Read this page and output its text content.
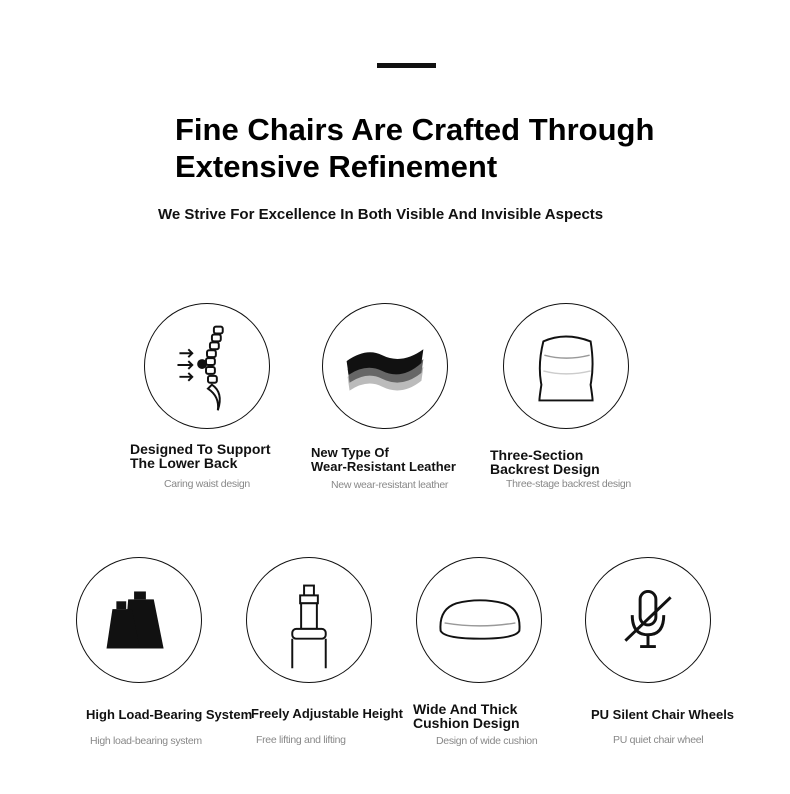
Fine Chairs Are Crafted Through
Extensive Refinement

We Strive For Excellence In Both Visible And Invisible Aspects

Designed To Support
The Lower Back
Caring waist design
New Type Of
Wear-Resistant Leather
New wear-resistant leather
Three-Section
Backrest Design
Three-stage backrest design
High Load-Bearing System
High load-bearing system
Freely Adjustable Height
Free lifting and lifting
Wide And Thick
Cushion Design
Design of wide cushion
PU Silent Chair Wheels
PU quiet chair wheel
